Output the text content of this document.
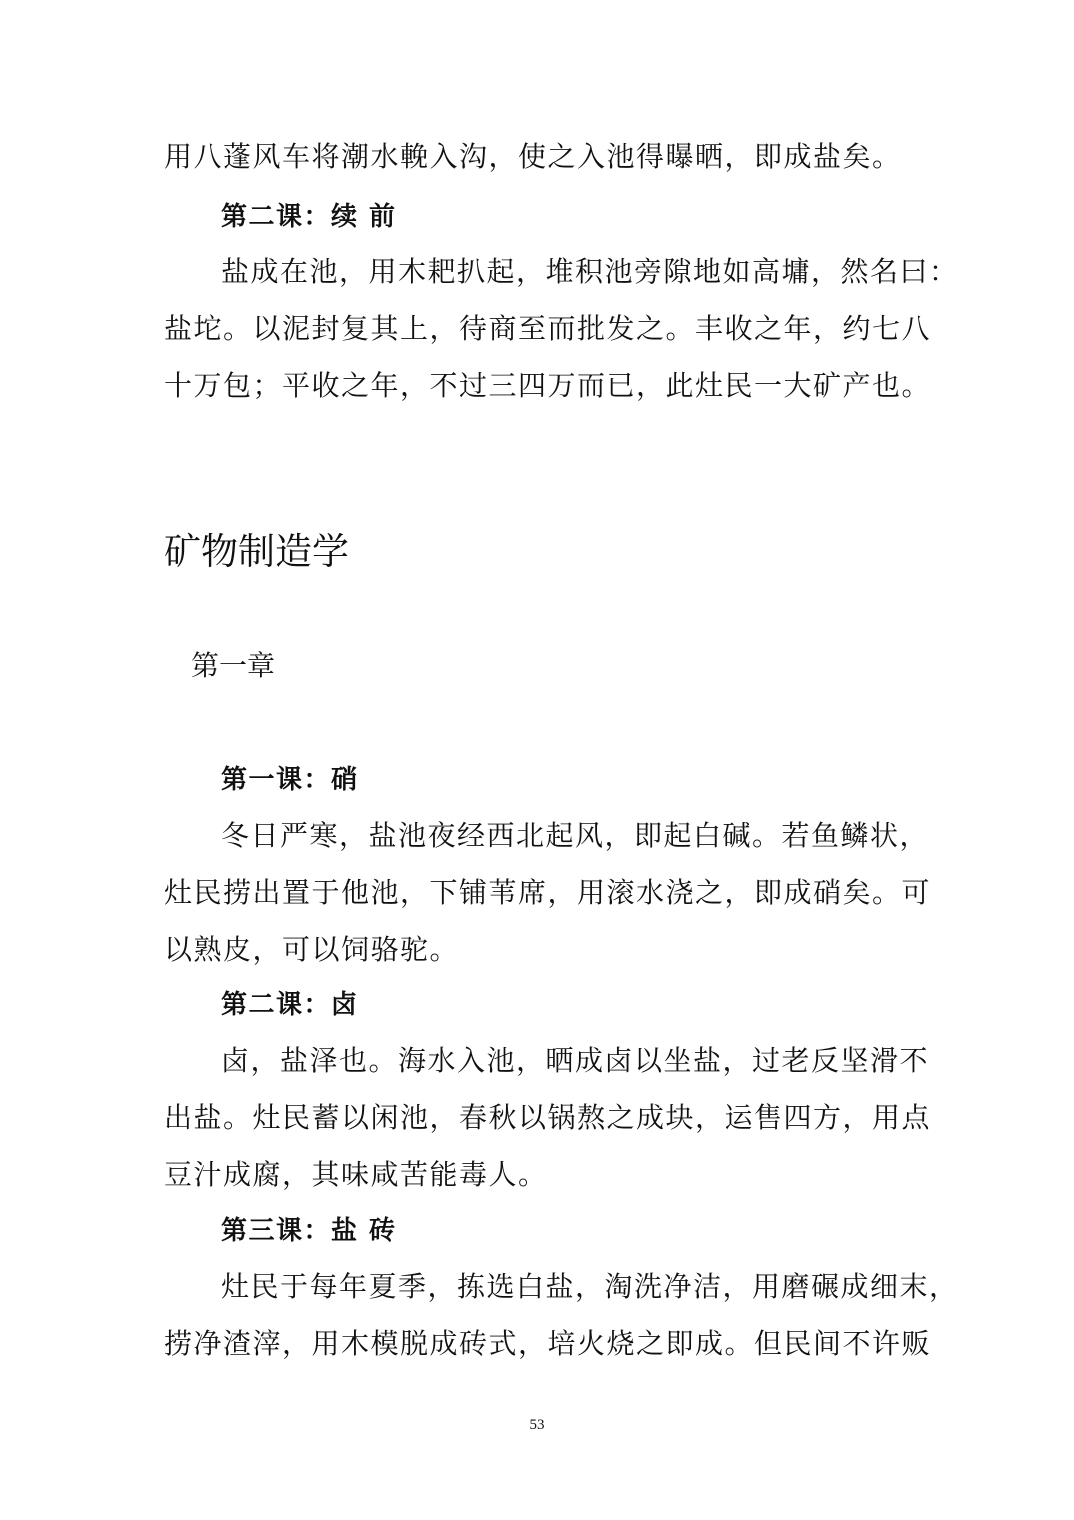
用八蓬风车将潮水輓入沟，使之入池得曝晒，即成盐矣。
第二课：续 前
盐成在池，用木耙扒起，堆积池旁隙地如高墉，然名曰：
盐坨。以泥封复其上，待商至而批发之。丰收之年，约七八
十万包；平收之年，不过三四万而已，此灶民一大矿产也。
矿物制造学
第一章
第一课：硝
冬日严寒，盐池夜经西北起风，即起白碱。若鱼鳞状，
灶民捞出置于他池，下铺苇席，用滚水浇之，即成硝矣。可
以熟皮，可以饲骆驼。
第二课：卤
卤，盐泽也。海水入池，晒成卤以坐盐，过老反坚滑不
出盐。灶民蓄以闲池，春秋以锅熬之成块，运售四方，用点
豆汁成腐，其味咸苦能毒人。
第三课：盐 砖
灶民于每年夏季，拣选白盐，淘洗净洁，用磨碾成细末，
捞净渣滓，用木模脱成砖式，培火烧之即成。但民间不许贩
53
